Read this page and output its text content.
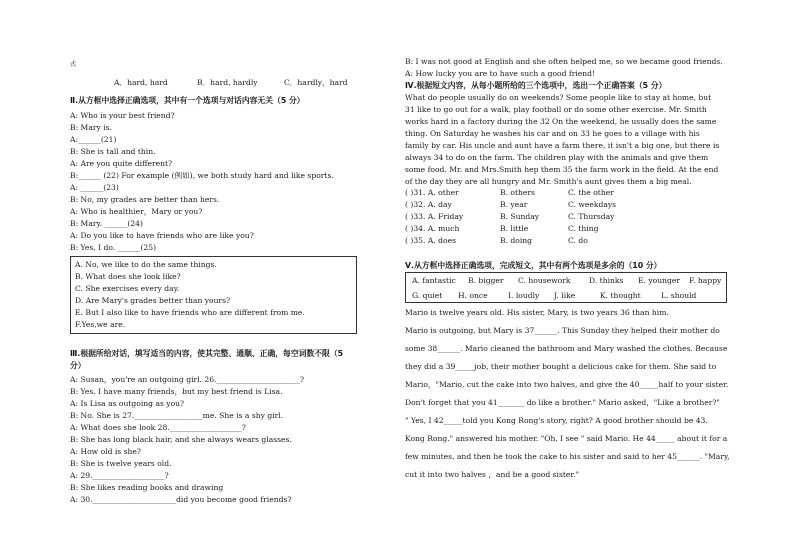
式
A．hard, hard	B．hard, hardly	C．hardly，hard
Ⅱ.从方框中选择正确选项，其中有一个选项与对话内容无关（5 分）
A: Who is your best friend?
B: Mary is.
A:______(21)
B: She is tall and thin.
A: Are you quite different?
B:______ (22) For example (例如), we both study hard and like sports.
A: ______(23)
B: No, my grades are better than hers.
A: Who is healthier，Mary or you?
B: Mary. ______(24)
A: Do you like to have friends who are like you?
B: Yes, I do. ______(25)
A. No, we like to do the same things.
B. What does she look like?
C. She exercises every day.
D. Are Mary's grades better than yours?
E. But I also like to have friends who are different from me.
F.Yes,we are.
Ⅲ.根据所给对话，填写适当的内容，使其完整、通顺、正确，每空词数不限（5
分）
A: Susan，you're an outgoing girl. 26.______________________?
B: Yes. I have many friends，but my best friend is Lisa.
A: Is Lisa as outgoing as you?
B: No. She is 27.__________________me. She is a shy girl.
A: What does she look 28.___________________?
B: She has long black hair, and she always wears glasses.
A: How old is she?
B: She is twelve years old.
A: 29.___________________?
B: She likes reading books and drawing
A: 30.______________________did you become good friends?
B: I was not good at English and she often helped me, so we became good friends.
A: How lucky you are to have such a good friend!
Ⅳ.根据短文内容，从每小题所给的三个选项中，选出一个正确答案（5 分）
What do people usually do on weekends? Some people like to stay at home, but
31 like to go out for a walk, play football or do some other exercise. Mr. Smith
works hard in a factory during the 32 On the weekend, he usually does the same
thing. On Saturday he washes his car and on 33 he goes to a village with his
family by car. His uncle and aunt have a farm there, it isn't a big one, but there is
always 34 to do on the farm. The children play with the animals and give them
some food. Mr. and Mrs.Smith hep them 35 the farm work in the field. At the end
of the day they are all hungry and Mr. Smith's aunt gives them a big meal.
( )31. A. other	B. others	C. the other
( )32. A. day	B. year	C. weekdays
( )33. A. Friday	B. Sunday	C. Thursday
( )34. A. much	B. little	C. thing
( )35. A. does	B. doing	C. do
Ⅴ.从方框中选择正确选项，完成短文，其中有两个选项是多余的（10 分）
A. fantastic B. bigger C. housework D. thinks E. younger F. happy
G. quiet H. once	I. loudly J. like	K. thought	L. should
Mario is twelve years old. His sister, Mary, is two years 36 than him.
Mario is outgoing, but Mary is 37______. This Sunday they helped their mother do
some 38______. Mario cleaned the bathroom and Mary washed the clothes. Because
they did a 39_____job, their mother bought a delicious cake for them. She said to
Mario，"Mario, cut the cake into two halves, and give the 40_____half to your sister.
Don't forget that you 41_______ do like a brother." Mario asked，"Like a brother?"
" Yes, I 42_____told you Kong Rong's story, right? A good brother should be 43.
Kong Rong." answered his mother. "Oh, I see " said Mario. He 44_____ about it for a
few minutes, and then he took the cake to his sister and said to her 45______. "Mary,
cut it into two halves ，and be a good sister."
